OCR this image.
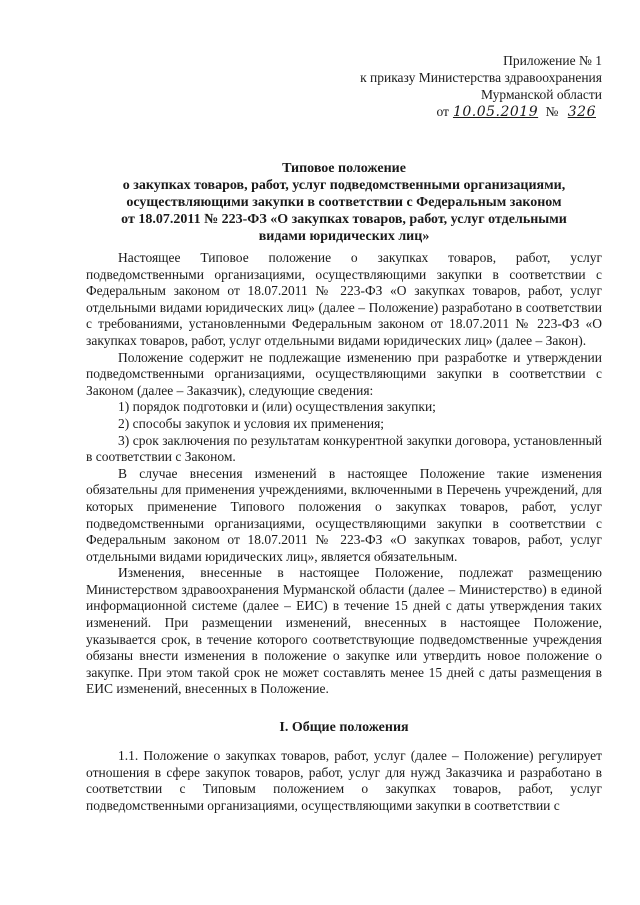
Приложение № 1
к приказу Министерства здравоохранения
Мурманской области
от 10.05.2019 № 326
Типовое положение
о закупках товаров, работ, услуг подведомственными организациями,
осуществляющими закупки в соответствии с Федеральным законом
от 18.07.2011 № 223-ФЗ «О закупках товаров, работ, услуг отдельными
видами юридических лиц»

Настоящее Типовое положение о закупках товаров, работ, услуг подведомственными организациями, осуществляющими закупки в соответствии с Федеральным законом от 18.07.2011 № 223-ФЗ «О закупках товаров, работ, услуг отдельными видами юридических лиц» (далее – Положение) разработано в соответствии с требованиями, установленными Федеральным законом от 18.07.2011 № 223-ФЗ «О закупках товаров, работ, услуг отдельными видами юридических лиц» (далее – Закон).

Положение содержит не подлежащие изменению при разработке и утверждении подведомственными организациями, осуществляющими закупки в соответствии с Законом (далее – Заказчик), следующие сведения:

1) порядок подготовки и (или) осуществления закупки;

2) способы закупок и условия их применения;

3) срок заключения по результатам конкурентной закупки договора, установленный в соответствии с Законом.

В случае внесения изменений в настоящее Положение такие изменения обязательны для применения учреждениями, включенными в Перечень учреждений, для которых применение Типового положения о закупках товаров, работ, услуг подведомственными организациями, осуществляющими закупки в соответствии с Федеральным законом от 18.07.2011 № 223-ФЗ «О закупках товаров, работ, услуг отдельными видами юридических лиц», является обязательным.

Изменения, внесенные в настоящее Положение, подлежат размещению Министерством здравоохранения Мурманской области (далее – Министерство) в единой информационной системе (далее – ЕИС) в течение 15 дней с даты утверждения таких изменений. При размещении изменений, внесенных в настоящее Положение, указывается срок, в течение которого соответствующие подведомственные учреждения обязаны внести изменения в положение о закупке или утвердить новое положение о закупке. При этом такой срок не может составлять менее 15 дней с даты размещения в ЕИС изменений, внесенных в Положение.

I. Общие положения

1.1. Положение о закупках товаров, работ, услуг (далее – Положение) регулирует отношения в сфере закупок товаров, работ, услуг для нужд Заказчика и разработано в соответствии с Типовым положением о закупках товаров, работ, услуг подведомственными организациями, осуществляющими закупки в соответствии с
